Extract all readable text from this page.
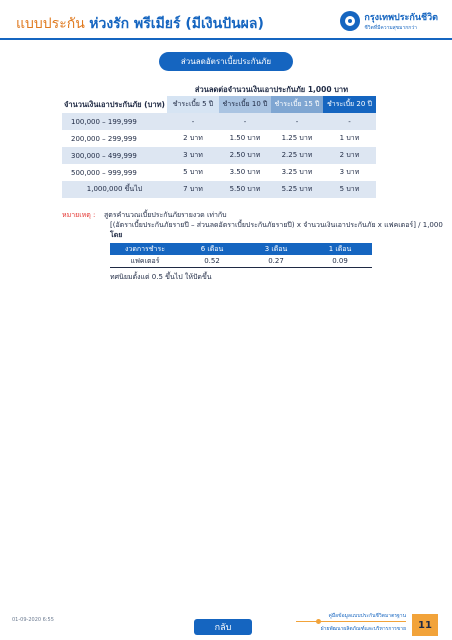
แบบประกัน ห่วงรัก พรีเมียร์ (มีเงินปันผล)	กรุงเทพประกันชีวิต
ชีวิตที่มีความสุขมากกว่า
ส่วนลดอัตราเบี้ยประกันภัย
ส่วนลดต่อจำนวนเงินเอาประกันภัย 1,000 บาท
จำนวนเงินเอาประกันภัย (บาท)	ชำระเบี้ย 5 ปี	ชำระเบี้ย 10 ปี	ชำระเบี้ย 15 ปี	ชำระเบี้ย 20 ปี
100,000 – 199,999	-	-	-	-
200,000 – 299,999	2 บาท	1.50 บาท	1.25 บาท	1 บาท
300,000 – 499,999	3 บาท	2.50 บาท	2.25 บาท	2 บาท
500,000 – 999,999	5 บาท	3.50 บาท	3.25 บาท	3 บาท
1,000,000 ขึ้นไป	7 บาท	5.50 บาท	5.25 บาท	5 บาท
หมายเหตุ : สูตรคำนวณเบี้ยประกันภัยรายงวด เท่ากับ
[(อัตราเบี้ยประกันภัยรายปี – ส่วนลดอัตราเบี้ยประกันภัยรายปี) x จำนวนเงินเอาประกันภัย x แฟคเตอร์] / 1,000
โดย
งวดการชำระ	6 เดือน	3 เดือน	1 เดือน
แฟคเตอร์	0.52	0.27	0.09
ทศนิยมตั้งแต่ 0.5 ขึ้นไป ให้ปัดขึ้น
01-09-2020 6:55
กลับ
คู่มือข้อมูลแบบประกันชีวิตมาตรฐาน
ฝ่ายพัฒนาผลิตภัณฑ์และบริหารการขาย	11
